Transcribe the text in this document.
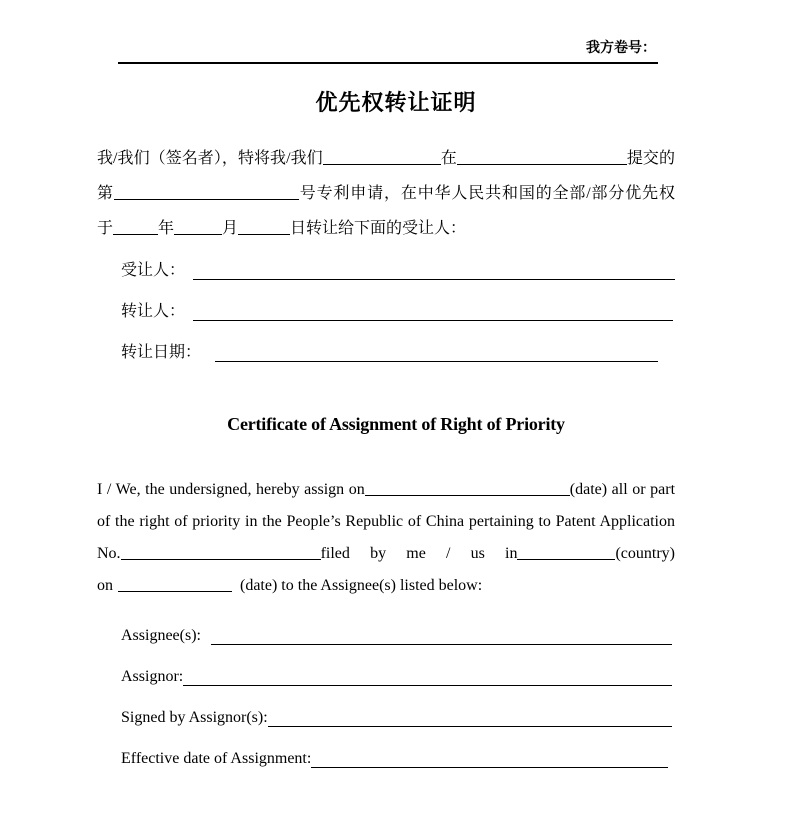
我方卷号：
优先权转让证明
我/我们（签名者），特将我/我们	在	提交的
第	号专利申请，在中华人民共和国的全部/部分优先权
于	年	月	日转让给下面的受让人：
受让人：
转让人：
转让日期：
Certificate of Assignment of Right of Priority
I / We, the undersigned, hereby assign on	(date) all or part
of the right of priority in the People’s Republic of China pertaining to Patent Application
No.	filed by me / us in	(country)
on	(date) to the Assignee(s) listed below:
Assignee(s):
Assignor:
Signed by Assignor(s):
Effective date of Assignment:
